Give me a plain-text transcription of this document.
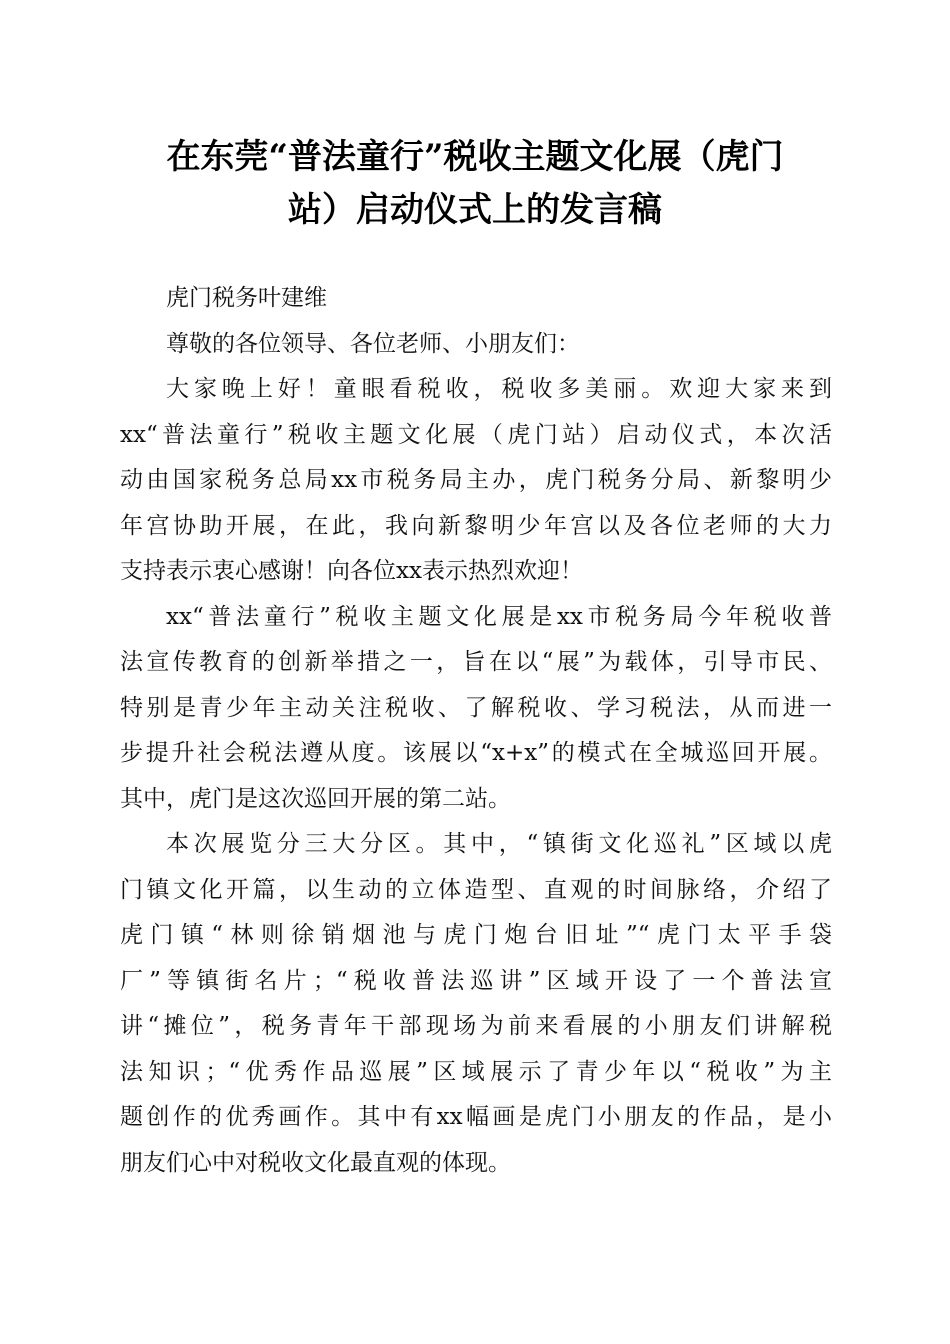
在东莞“普法童行”税收主题文化展（虎门
站）启动仪式上的发言稿
虎门税务叶建维
尊敬的各位领导、各位老师、小朋友们：
大家晚上好！童眼看税收，税收多美丽。欢迎大家来到
xx“普法童行”税收主题文化展（虎门站）启动仪式，本次活
动由国家税务总局xx市税务局主办，虎门税务分局、新黎明少
年宫协助开展，在此，我向新黎明少年宫以及各位老师的大力
支持表示衷心感谢！向各位xx表示热烈欢迎！
xx“普法童行”税收主题文化展是xx市税务局今年税收普
法宣传教育的创新举措之一，旨在以“展”为载体，引导市民、
特别是青少年主动关注税收、了解税收、学习税法，从而进一
步提升社会税法遵从度。该展以“x+x”的模式在全城巡回开展。
其中，虎门是这次巡回开展的第二站。
本次展览分三大分区。其中，“镇街文化巡礼”区域以虎
门镇文化开篇，以生动的立体造型、直观的时间脉络，介绍了
虎门镇“林则徐销烟池与虎门炮台旧址”“虎门太平手袋
厂”等镇街名片；“税收普法巡讲”区域开设了一个普法宣
讲“摊位”，税务青年干部现场为前来看展的小朋友们讲解税
法知识；“优秀作品巡展”区域展示了青少年以“税收”为主
题创作的优秀画作。其中有xx幅画是虎门小朋友的作品，是小
朋友们心中对税收文化最直观的体现。
